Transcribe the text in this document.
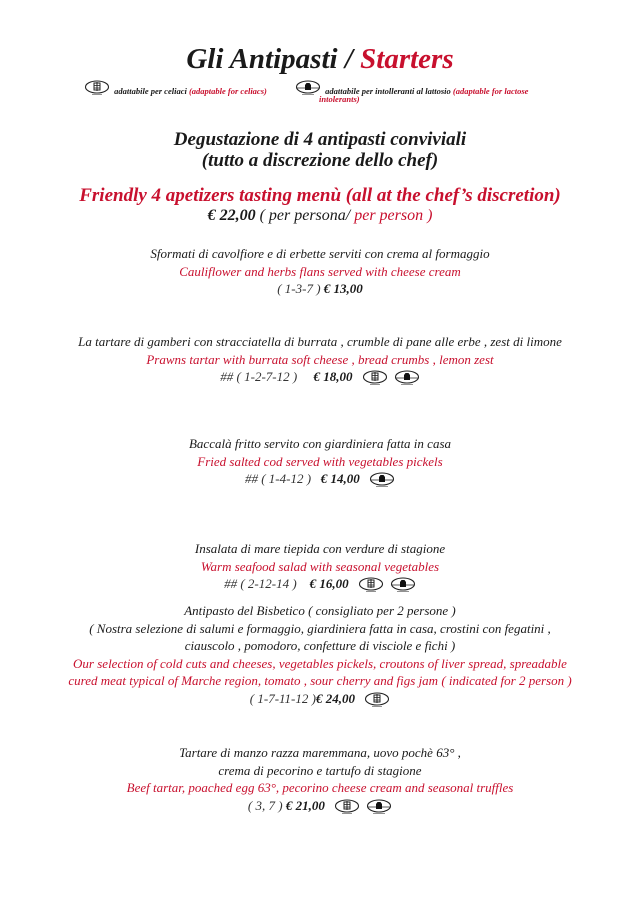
Gli Antipasti / Starters
adattabile per celiaci (adaptable for celiacs)	adattabile per intolleranti al lattosio (adaptable for lactose
intolerants)
Degustazione di 4 antipasti conviviali
(tutto a discrezione dello chef)
Friendly 4 apetizers tasting menù (all at the chef’s discretion)
€ 22,00 ( per persona/ per person )
Sformati di cavolfiore e di erbette serviti con crema al formaggio
Cauliflower and herbs flans served with cheese cream
( 1-3-7 ) € 13,00
La tartare di gamberi con stracciatella di burrata , crumble di pane alle erbe , zest di limone
Prawns tartar with burrata soft cheese , bread crumbs , lemon zest
## ( 1-2-7-12 ) € 18,00
Baccalà fritto servito con giardiniera fatta in casa
Fried salted cod served with vegetables pickels
## ( 1-4-12 ) € 14,00
Insalata di mare tiepida con verdure di stagione
Warm seafood salad with seasonal vegetables
## ( 2-12-14 ) € 16,00
Antipasto del Bisbetico ( consigliato per 2 persone )
( Nostra selezione di salumi e formaggio, giardiniera fatta in casa, crostini con fegatini ,
ciauscolo , pomodoro, confetture di visciole e fichi )
Our selection of cold cuts and cheeses, vegetables pickels, croutons of liver spread, spreadable
cured meat typical of Marche region, tomato , sour cherry and figs jam ( indicated for 2 person )
( 1-7-11-12 )€ 24,00
Tartare di manzo razza maremmana, uovo pochè 63° ,
crema di pecorino e tartufo di stagione
Beef tartar, poached egg 63°, pecorino cheese cream and seasonal truffles
( 3, 7 ) € 21,00
